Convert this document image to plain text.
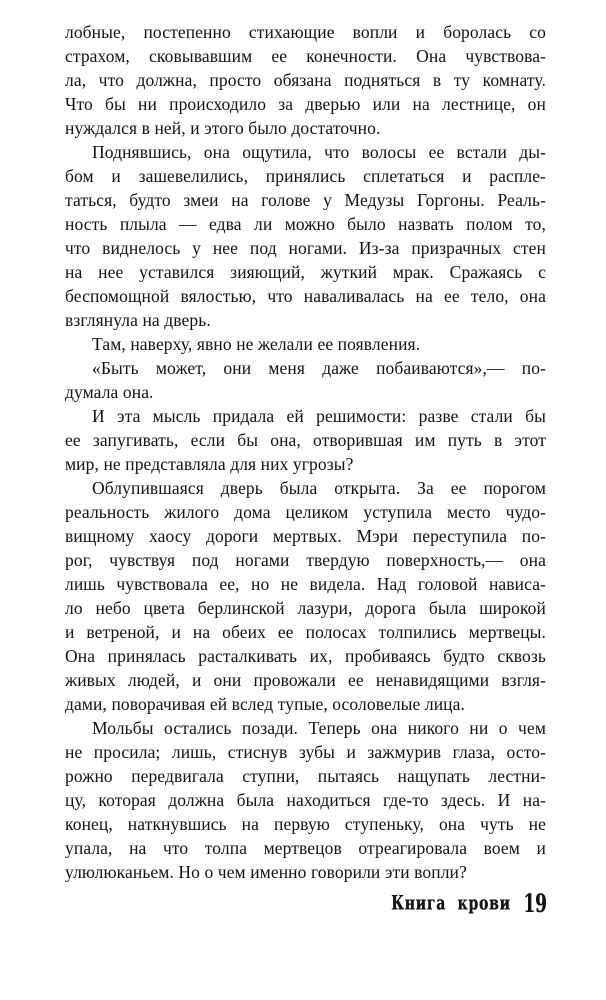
лобные, постепенно стихающие вопли и боролась со
страхом, сковывавшим ее конечности. Она чувствова-
ла, что должна, просто обязана подняться в ту комнату.
Что бы ни происходило за дверью или на лестнице, он
нуждался в ней, и этого было достаточно.
Поднявшись, она ощутила, что волосы ее встали ды-
бом и зашевелились, принялись сплетаться и распле-
таться, будто змеи на голове у Медузы Горгоны. Реаль-
ность плыла — едва ли можно было назвать полом то,
что виднелось у нее под ногами. Из-за призрачных стен
на нее уставился зияющий, жуткий мрак. Сражаясь с
беспомощной вялостью, что наваливалась на ее тело, она
взглянула на дверь.
Там, наверху, явно не желали ее появления.
«Быть может, они меня даже побаиваются»,— по-
думала она.
И эта мысль придала ей решимости: разве стали бы
ее запугивать, если бы она, отворившая им путь в этот
мир, не представляла для них угрозы?
Облупившаяся дверь была открыта. За ее порогом
реальность жилого дома целиком уступила место чудо-
вищному хаосу дороги мертвых. Мэри переступила по-
рог, чувствуя под ногами твердую поверхность,— она
лишь чувствовала ее, но не видела. Над головой нависа-
ло небо цвета берлинской лазури, дорога была широкой
и ветреной, и на обеих ее полосах толпились мертвецы.
Она принялась расталкивать их, пробиваясь будто сквозь
живых людей, и они провожали ее ненавидящими взгля-
дами, поворачивая ей вслед тупые, осоловелые лица.
Мольбы остались позади. Теперь она никого ни о чем
не просила; лишь, стиснув зубы и зажмурив глаза, осто-
рожно передвигала ступни, пытаясь нащупать лестни-
цу, которая должна была находиться где-то здесь. И на-
конец, наткнувшись на первую ступеньку, она чуть не
упала, на что толпа мертвецов отреагировала воем и
улюлюканьем. Но о чем именно говорили эти вопли?
Книга крови 19
